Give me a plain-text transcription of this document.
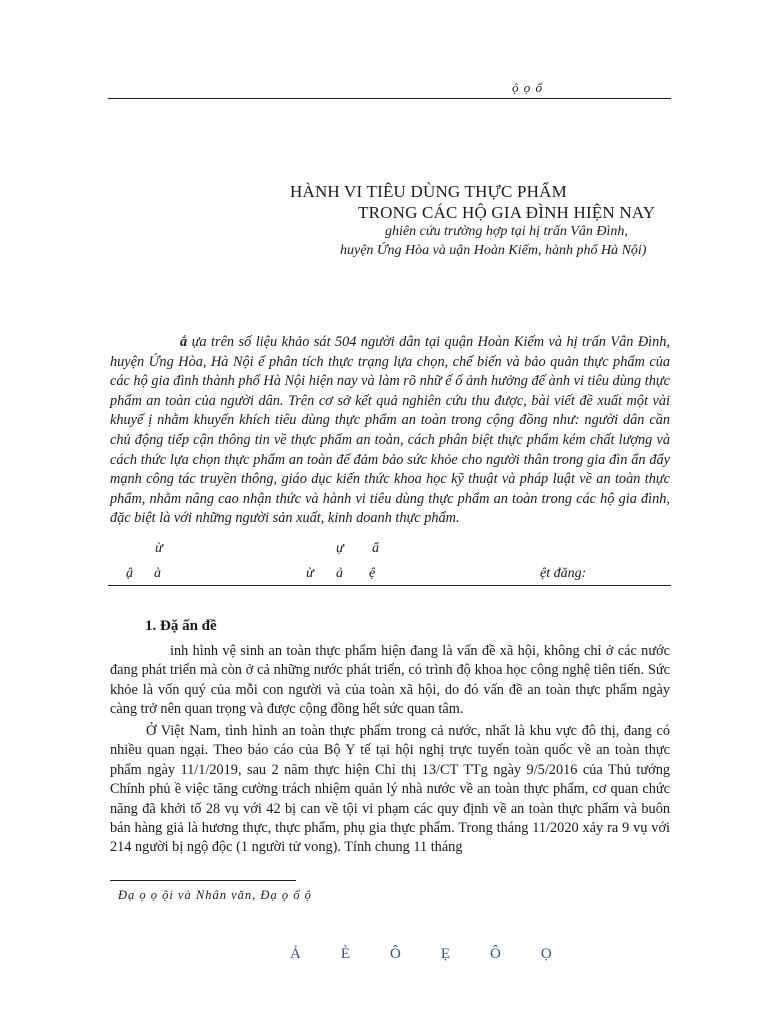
ộ ọ ổ
HÀNH VI TIÊU DÙNG THỰC PHẨM
TRONG CÁC HỘ GIA ĐÌNH HIỆN NAY
ghiên cứu trường hợp tại hị trấn Vân Đình,
huyện Ứng Hòa và uận Hoàn Kiếm, hành phố Hà Nội)

ắ ựa trên số liệu khảo sát 504 người dân tại quận Hoàn Kiếm và hị trấn Vân Đình, huyện Ứng Hòa, Hà Nội ế phân tích thực trạng lựa chọn, chế biến và bảo quản thực phẩm của các hộ gia đình thành phố Hà Nội hiện nay và làm rõ nhữ ế ố ảnh hưởng đế ành vi tiêu dùng thực phẩm an toàn của người dân. Trên cơ sở kết quả nghiên cứu thu được, bài viết đề xuất một vài khuyế ị nhằm khuyến khích tiêu dùng thực phẩm an toàn trong cộng đồng như: người dân cần chủ động tiếp cận thông tin về thực phẩm an toàn, cách phân biệt thực phẩm kém chất lượng và cách thức lựa chọn thực phẩm an toàn để đảm bảo sức khỏe cho người thân trong gia đìn ẩn đẩy mạnh công tác truyền thông, giáo dục kiến thức khoa học kỹ thuật và pháp luật về an toàn thực phẩm, nhằm nâng cao nhận thức và hành vi tiêu dùng thực phẩm an toàn trong các hộ gia đình, đặc biệt là với những người sản xuất, kinh doanh thực phẩm.

ừ	ự ẩ
ậ à	ừ ả ệ	ệt đăng:
1. Đặ ấn đề

inh hình vệ sinh an toàn thực phẩm hiện đang là vấn đề xã hội, không chỉ ở các nước đang phát triển mà còn ở cả những nước phát triển, có trình độ khoa học công nghệ tiên tiến. Sức khỏe là vốn quý của mỗi con người và của toàn xã hội, do đó vấn đề an toàn thực phẩm ngày càng trở nên quan trọng và được cộng đồng hết sức quan tâm.

Ở Việt Nam, tình hình an toàn thực phẩm trong cả nước, nhất là khu vực đô thị, đang có nhiều quan ngại. Theo báo cáo của Bộ Y tế tại hội nghị trực tuyến toàn quốc về an toàn thực phẩm ngày 11/1/2019, sau 2 năm thực hiện Chỉ thị 13/CT TTg ngày 9/5/2016 của Thủ tướng Chính phủ ề việc tăng cường trách nhiệm quản lý nhà nước về an toàn thực phẩm, cơ quan chức năng đã khởi tố 28 vụ với 42 bị can về tội vi phạm các quy định về an toàn thực phẩm và buôn bán hàng giả là hương thực, thực phẩm, phụ gia thực phẩm. Trong tháng 11/2020 xảy ra 9 vụ với 214 người bị ngộ độc (1 người tử vong). Tính chung 11 tháng

Đạ ọ ọ ội và Nhân văn, Đạ ọ ổ ộ
ẢÈÔẸÔỌ
